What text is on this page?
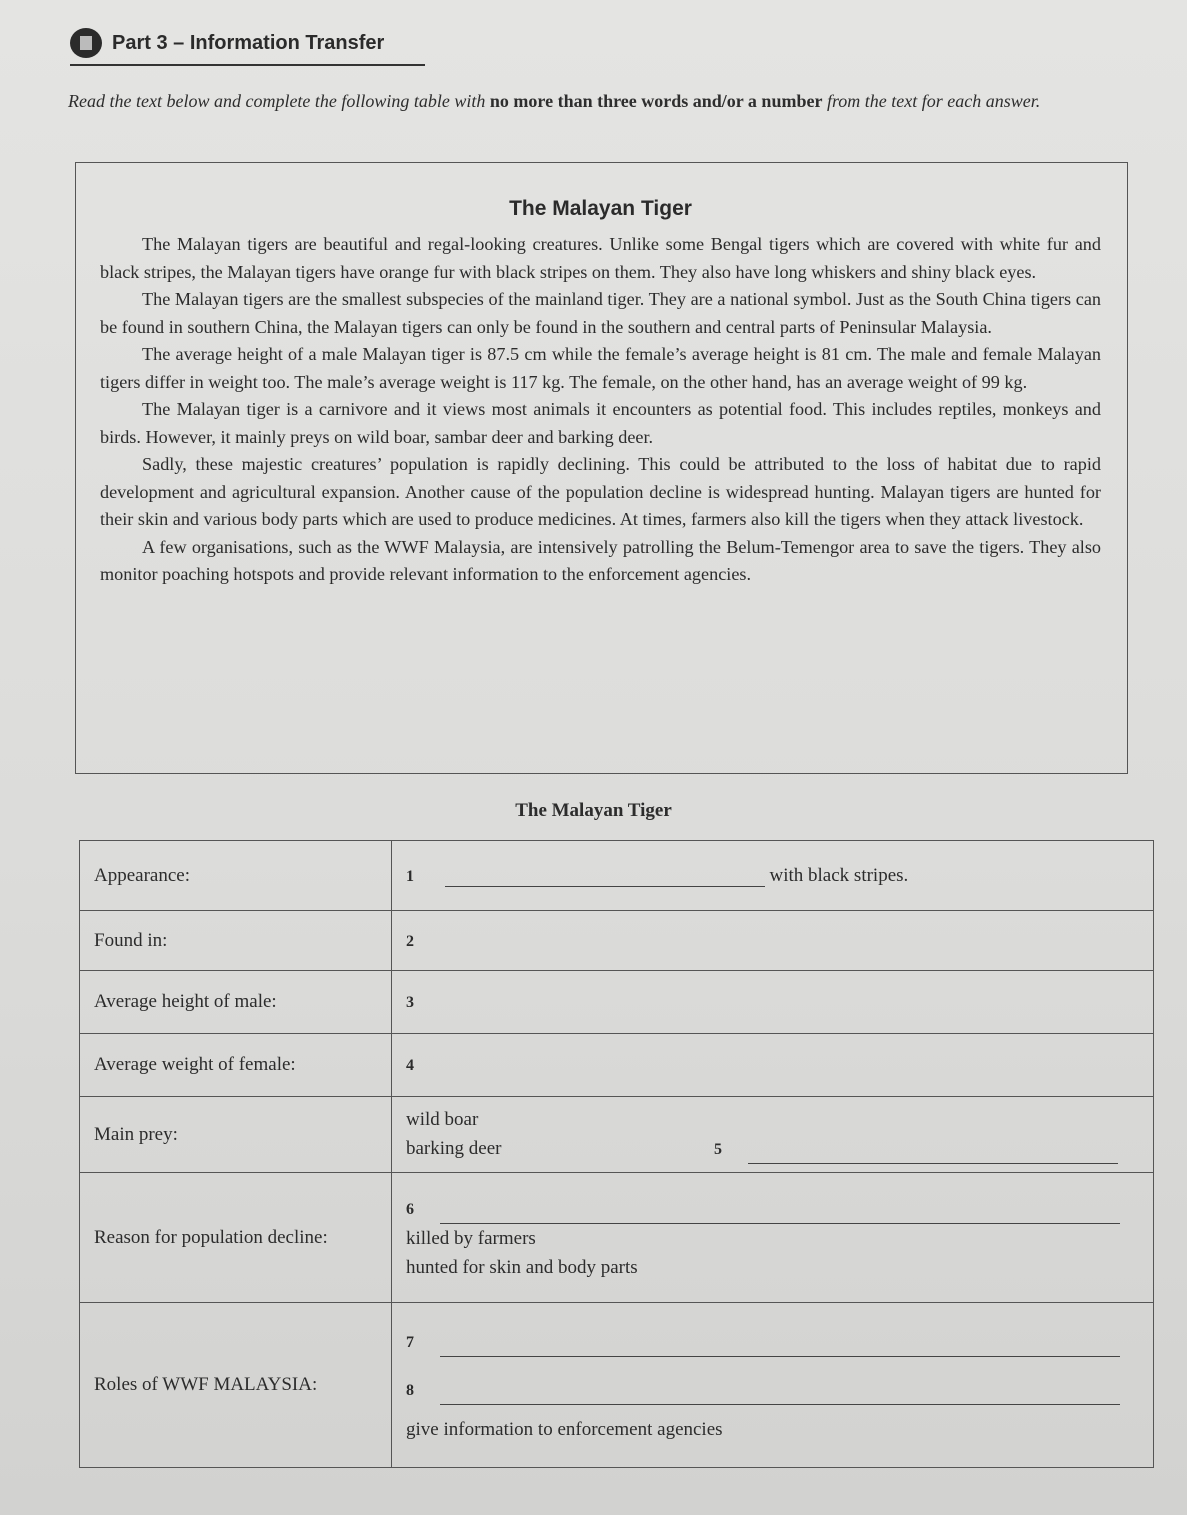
Part 3 – Information Transfer
Read the text below and complete the following table with no more than three words and/or a number from the text for each answer.
The Malayan Tiger

The Malayan tigers are beautiful and regal-looking creatures. Unlike some Bengal tigers which are covered with white fur and black stripes, the Malayan tigers have orange fur with black stripes on them. They also have long whiskers and shiny black eyes.

The Malayan tigers are the smallest subspecies of the mainland tiger. They are a national symbol. Just as the South China tigers can be found in southern China, the Malayan tigers can only be found in the southern and central parts of Peninsular Malaysia.

The average height of a male Malayan tiger is 87.5 cm while the female’s average height is 81 cm. The male and female Malayan tigers differ in weight too. The male’s average weight is 117 kg. The female, on the other hand, has an average weight of 99 kg.

The Malayan tiger is a carnivore and it views most animals it encounters as potential food. This includes reptiles, monkeys and birds. However, it mainly preys on wild boar, sambar deer and barking deer.

Sadly, these majestic creatures’ population is rapidly declining. This could be attributed to the loss of habitat due to rapid development and agricultural expansion. Another cause of the population decline is widespread hunting. Malayan tigers are hunted for their skin and various body parts which are used to produce medicines. At times, farmers also kill the tigers when they attack livestock.

A few organisations, such as the WWF Malaysia, are intensively patrolling the Belum-Temengor area to save the tigers. They also monitor poaching hotspots and provide relevant information to the enforcement agencies.

The Malayan Tiger
Appearance:	1 with black stripes.
Found in:	2
Average height of male:	3
Average weight of female:	4
Main prey:	wild boar
barking deer 5

Reason for population decline:	6
killed by farmers
hunted for skin and body parts

Roles of WWF MALAYSIA:	7
8
give information to enforcement agencies
